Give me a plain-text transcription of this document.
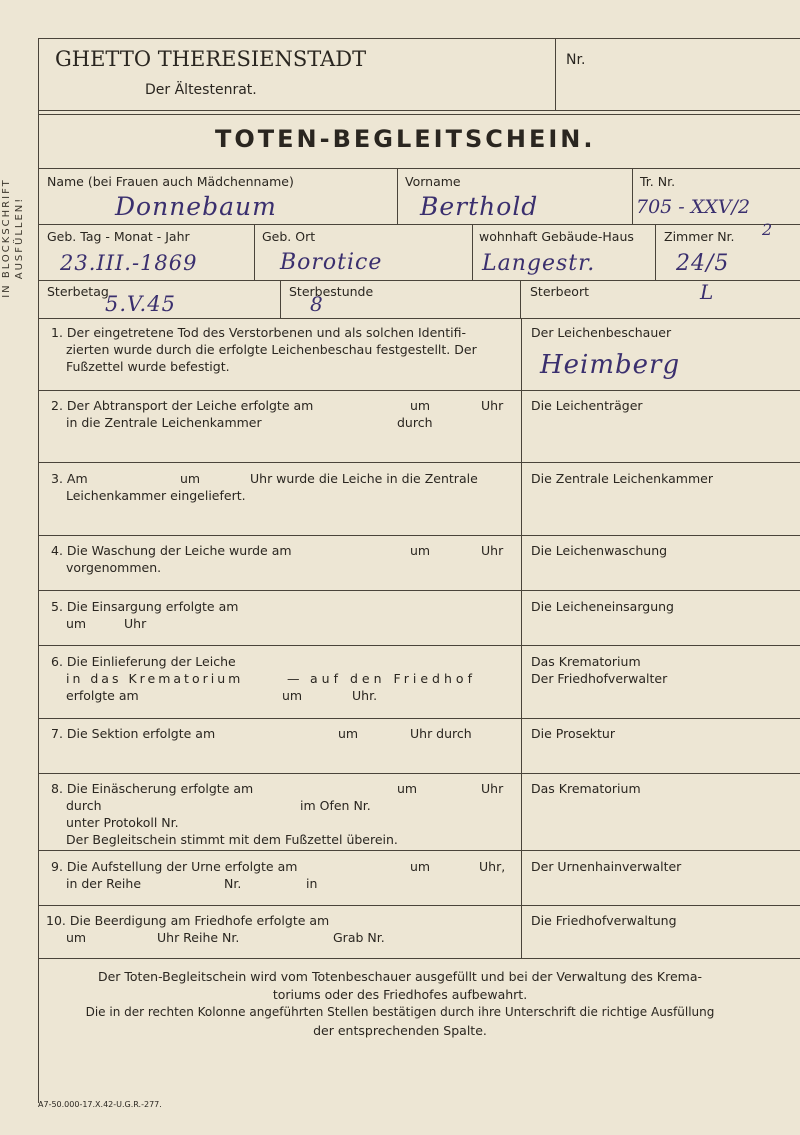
IN BLOCKSCHRIFT AUSFÜLLEN!
GHETTO THERESIENSTADT
Der Ältestenrat.
Nr.
TOTEN-BEGLEITSCHEIN.
Name (bei Frauen auch Mädchenname)
Donnebaum
Vorname
Berthold
Tr. Nr.
705 - XXV/2
Geb. Tag - Monat - Jahr
23.III.-1869
Geb. Ort
Borotice
wohnhaft Gebäude-Haus
Langestr.
Zimmer Nr. 2
24/5
Sterbetag
5.V.45
Sterbestunde
8
Sterbeort	L
1. Der eingetretene Tod des Verstorbenen und als solchen Identifi-
zierten wurde durch die erfolgte Leichenbeschau festgestellt. Der
Fußzettel wurde befestigt.
Der Leichenbeschauer
Heimberg
2. Der Abtransport der Leiche erfolgte am	um	Uhr
in die Zentrale Leichenkammer	durch
Die Leichenträger
3. Am	um	Uhr wurde die Leiche in die Zentrale
Leichenkammer eingeliefert.
Die Zentrale Leichenkammer
4. Die Waschung der Leiche wurde am	um	Uhr
vorgenommen.
Die Leichenwaschung
5. Die Einsargung erfolgte am
um	Uhr
Die Leicheneinsargung
6. Die Einlieferung der Leiche
in das Krematorium	— auf den Friedhof
erfolgte am	um	Uhr.
Das Krematorium
Der Friedhofverwalter
7. Die Sektion erfolgte am	um	Uhr durch	Die Prosektur
8. Die Einäscherung erfolgte am	um	Uhr
durch	im Ofen Nr.
unter Protokoll Nr.
Der Begleitschein stimmt mit dem Fußzettel überein.
Das Krematorium
9. Die Aufstellung der Urne erfolgte am	um	Uhr,
in der Reihe	Nr.	in
Der Urnenhainverwalter
10. Die Beerdigung am Friedhofe erfolgte am
um	Uhr Reihe Nr.	Grab Nr.
Die Friedhofverwaltung
Der Toten-Begleitschein wird vom Totenbeschauer ausgefüllt und bei der Verwaltung des Krema-
toriums oder des Friedhofes aufbewahrt.
Die in der rechten Kolonne angeführten Stellen bestätigen durch ihre Unterschrift die richtige Ausfüllung
der entsprechenden Spalte.
A7-50.000-17.X.42-U.G.R.-277.
